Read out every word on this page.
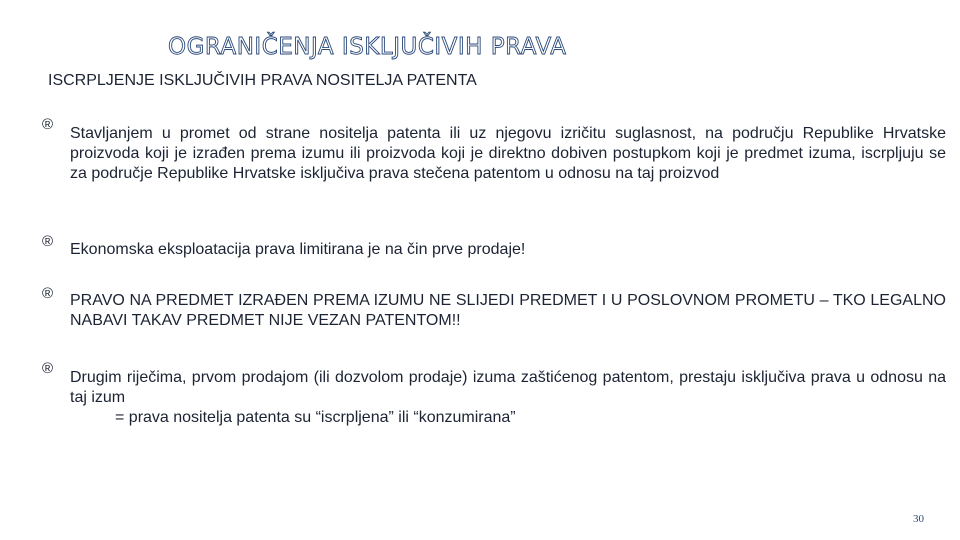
OGRANIČENJA ISKLJUČIVIH PRAVA
ISCRPLJENJE ISKLJUČIVIH PRAVA NOSITELJA PATENTA
®
Stavljanjem u promet od strane nositelja patenta ili uz njegovu izričitu suglasnost, na području Republike Hrvatske proizvoda koji je izrađen prema izumu ili proizvoda koji je direktno dobiven postupkom koji je predmet izuma, iscrpljuju se za područje Republike Hrvatske isključiva prava stečena patentom u odnosu na taj proizvod
® Ekonomska eksploatacija prava limitirana je na čin prve prodaje!
® PRAVO NA PREDMET IZRAĐEN PREMA IZUMU NE SLIJEDI PREDMET I U POSLOVNOM PROMETU – TKO LEGALNO NABAVI TAKAV PREDMET NIJE VEZAN PATENTOM!!
®
Drugim riječima, prvom prodajom (ili dozvolom prodaje) izuma zaštićenog patentom, prestaju isključiva prava u odnosu na taj izum
= prava nositelja patenta su “iscrpljena” ili “konzumirana”
30
